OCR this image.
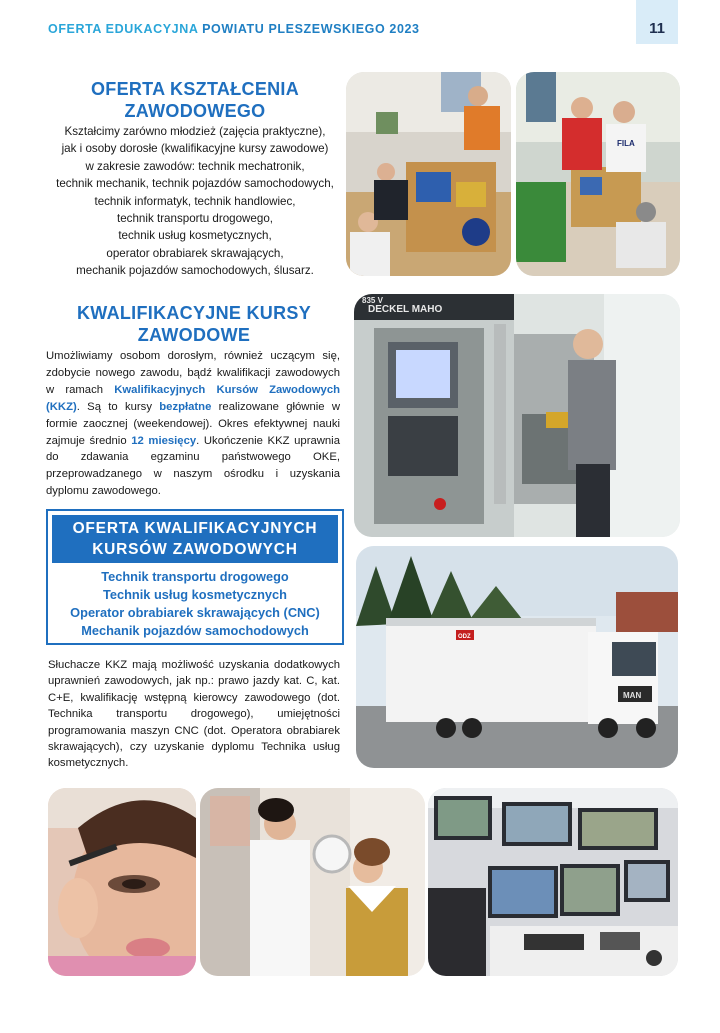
OFERTA EDUKACYJNA POWIATU PLESZEWSKIEGO 2023	11
OFERTA KSZTAŁCENIA
ZAWODOWEGO
Kształcimy zarówno młodzież (zajęcia praktyczne),
jak i osoby dorosłe (kwalifikacyjne kursy zawodowe)
w zakresie zawodów: technik mechatronik,
technik mechanik, technik pojazdów samochodowych,
technik informatyk, technik handlowiec,
technik transportu drogowego,
technik usług kosmetycznych,
operator obrabiarek skrawających,
mechanik pojazdów samochodowych, ślusarz.
KWALIFIKACYJNE KURSY
ZAWODOWE
Umożliwiamy osobom dorosłym, również uczącym się, zdobycie nowego zawodu, bądź kwalifikacji zawodowych w ramach Kwalifikacyjnych Kursów Zawodowych (KKZ). Są to kursy bezpłatne realizowane głównie w formie zaocznej (weekendowej). Okres efektywnej nauki zajmuje średnio 12 miesięcy. Ukończenie KKZ uprawnia do zdawania egzaminu państwowego OKE, przeprowadzanego w naszym ośrodku i uzyskania dyplomu zawodowego.
OFERTA KWALIFIKACYJNYCH
KURSÓW ZAWODOWYCH
Technik transportu drogowego
Technik usług kosmetycznych
Operator obrabiarek skrawających (CNC)
Mechanik pojazdów samochodowych
Słuchacze KKZ mają możliwość uzyskania dodatkowych uprawnień zawodowych, jak np.: prawo jazdy kat. C, kat. C+E, kwalifikację wstępną kierowcy zawodowego (dot. Technika transportu drogowego), umiejętności programowania maszyn CNC (dot. Operatora obrabiarek skrawających), czy uzyskanie dyplomu Technika usług kosmetycznych.
FILA
DECKEL MAHO
835 V
ODZ
MAN
